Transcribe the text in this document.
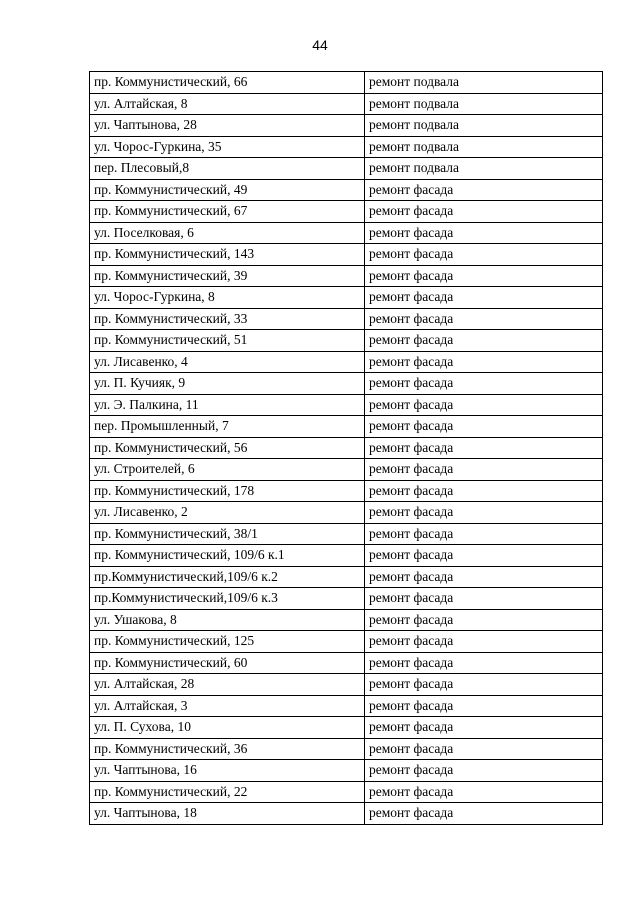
44
пр. Коммунистический, 66	ремонт подвала
ул. Алтайская, 8	ремонт подвала
ул. Чаптынова, 28	ремонт подвала
ул. Чорос-Гуркина, 35	ремонт подвала
пер. Плесовый,8	ремонт подвала
пр. Коммунистический, 49	ремонт фасада
пр. Коммунистический, 67	ремонт фасада
ул. Поселковая, 6	ремонт фасада
пр. Коммунистический, 143	ремонт фасада
пр. Коммунистический, 39	ремонт фасада
ул. Чорос-Гуркина, 8	ремонт фасада
пр. Коммунистический, 33	ремонт фасада
пр. Коммунистический, 51	ремонт фасада
ул. Лисавенко, 4	ремонт фасада
ул. П. Кучияк, 9	ремонт фасада
ул. Э. Палкина, 11	ремонт фасада
пер. Промышленный, 7	ремонт фасада
пр. Коммунистический, 56	ремонт фасада
ул. Строителей, 6	ремонт фасада
пр. Коммунистический, 178	ремонт фасада
ул. Лисавенко, 2	ремонт фасада
пр. Коммунистический, 38/1	ремонт фасада
пр. Коммунистический, 109/6 к.1	ремонт фасада
пр.Коммунистический,109/6 к.2	ремонт фасада
пр.Коммунистический,109/6 к.3	ремонт фасада
ул. Ушакова, 8	ремонт фасада
пр. Коммунистический, 125	ремонт фасада
пр. Коммунистический, 60	ремонт фасада
ул. Алтайская, 28	ремонт фасада
ул. Алтайская, 3	ремонт фасада
ул. П. Сухова, 10	ремонт фасада
пр. Коммунистический, 36	ремонт фасада
ул. Чаптынова, 16	ремонт фасада
пр. Коммунистический, 22	ремонт фасада
ул. Чаптынова, 18	ремонт фасада
